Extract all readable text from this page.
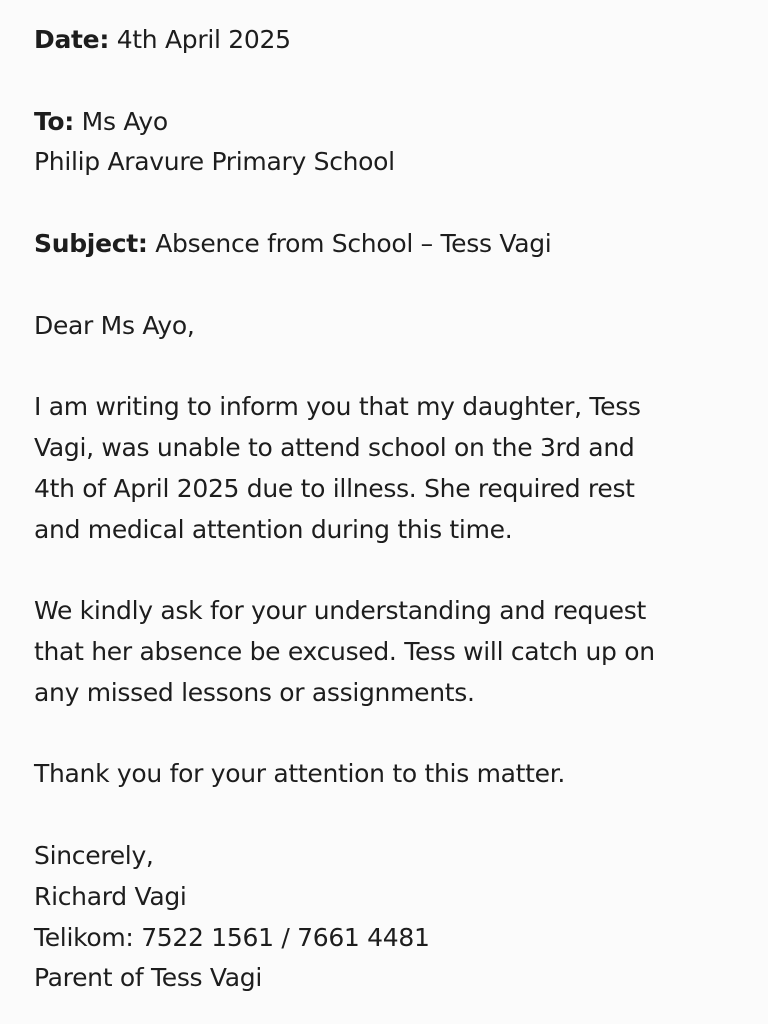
Date: 4th April 2025
To: Ms Ayo
Philip Aravure Primary School
Subject: Absence from School – Tess Vagi
Dear Ms Ayo,
I am writing to inform you that my daughter, Tess
Vagi, was unable to attend school on the 3rd and
4th of April 2025 due to illness. She required rest
and medical attention during this time.
We kindly ask for your understanding and request
that her absence be excused. Tess will catch up on
any missed lessons or assignments.
Thank you for your attention to this matter.
Sincerely,
Richard Vagi
Telikom: 7522 1561 / 7661 4481
Parent of Tess Vagi
